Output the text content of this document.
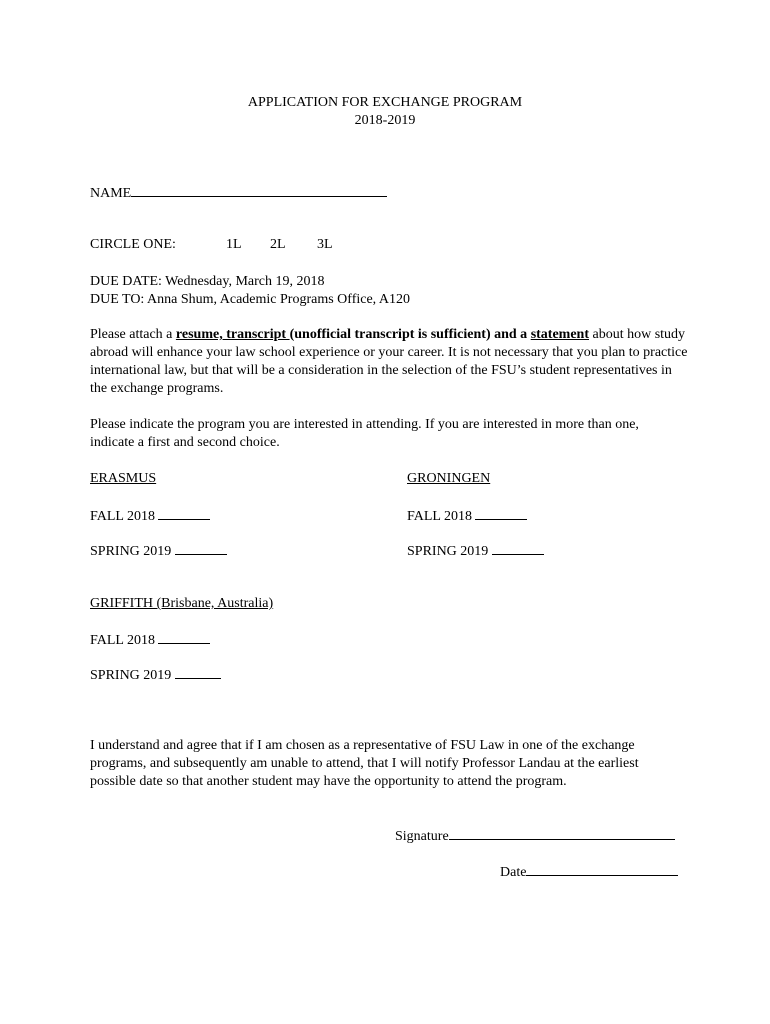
APPLICATION FOR EXCHANGE PROGRAM
2018-2019
NAME
CIRCLE ONE:	1L 2L 3L
DUE DATE: Wednesday, March 19, 2018
DUE TO: Anna Shum, Academic Programs Office, A120
Please attach a resume, transcript (unofficial transcript is sufficient) and a statement about how study abroad will enhance your law school experience or your career. It is not necessary that you plan to practice international law, but that will be a consideration in the selection of the FSU’s student representatives in the exchange programs.
Please indicate the program you are interested in attending. If you are interested in more than one, indicate a first and second choice.
ERASMUS	GRONINGEN
FALL 2018	FALL 2018
SPRING 2019	SPRING 2019
GRIFFITH (Brisbane, Australia)
FALL 2018
SPRING 2019
I understand and agree that if I am chosen as a representative of FSU Law in one of the exchange programs, and subsequently am unable to attend, that I will notify Professor Landau at the earliest possible date so that another student may have the opportunity to attend the program.
Signature
Date
